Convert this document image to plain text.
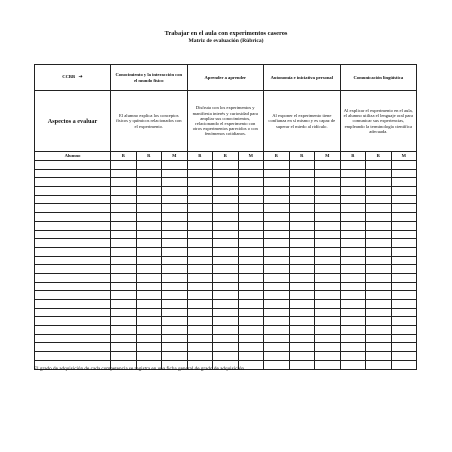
Trabajar en el aula con experimentos caseros
Matriz de evaluación (Rúbrica)
CCBB ➔	Conocimiento y la interacción con el mundo físico			Aprender a aprender			Autonomía e iniciativa personal			Comunicación lingüística		
Aspectos a evaluar	El alumno explica los conceptos físicos y químicos relacionados con el experimento.			Disfruta con los experimentos y manifiesta interés y curiosidad para ampliar sus conocimientos, relacionando el experimento con otros experimentos parecidos o con fenómenos cotidianos.			Al exponer el experimento tiene confianza en sí mismo y es capaz de superar el miedo al ridículo.			Al explicar el experimento en el aula, el alumno utiliza el lenguaje oral para comunicar sus experiencias, empleando la terminología científica adecuada.		
Alumno	B	R	M	B	R	M	B	R	M	B	R	M

El grado de adquisición de cada competencia se registra en una ficha general de grado de adquisición
